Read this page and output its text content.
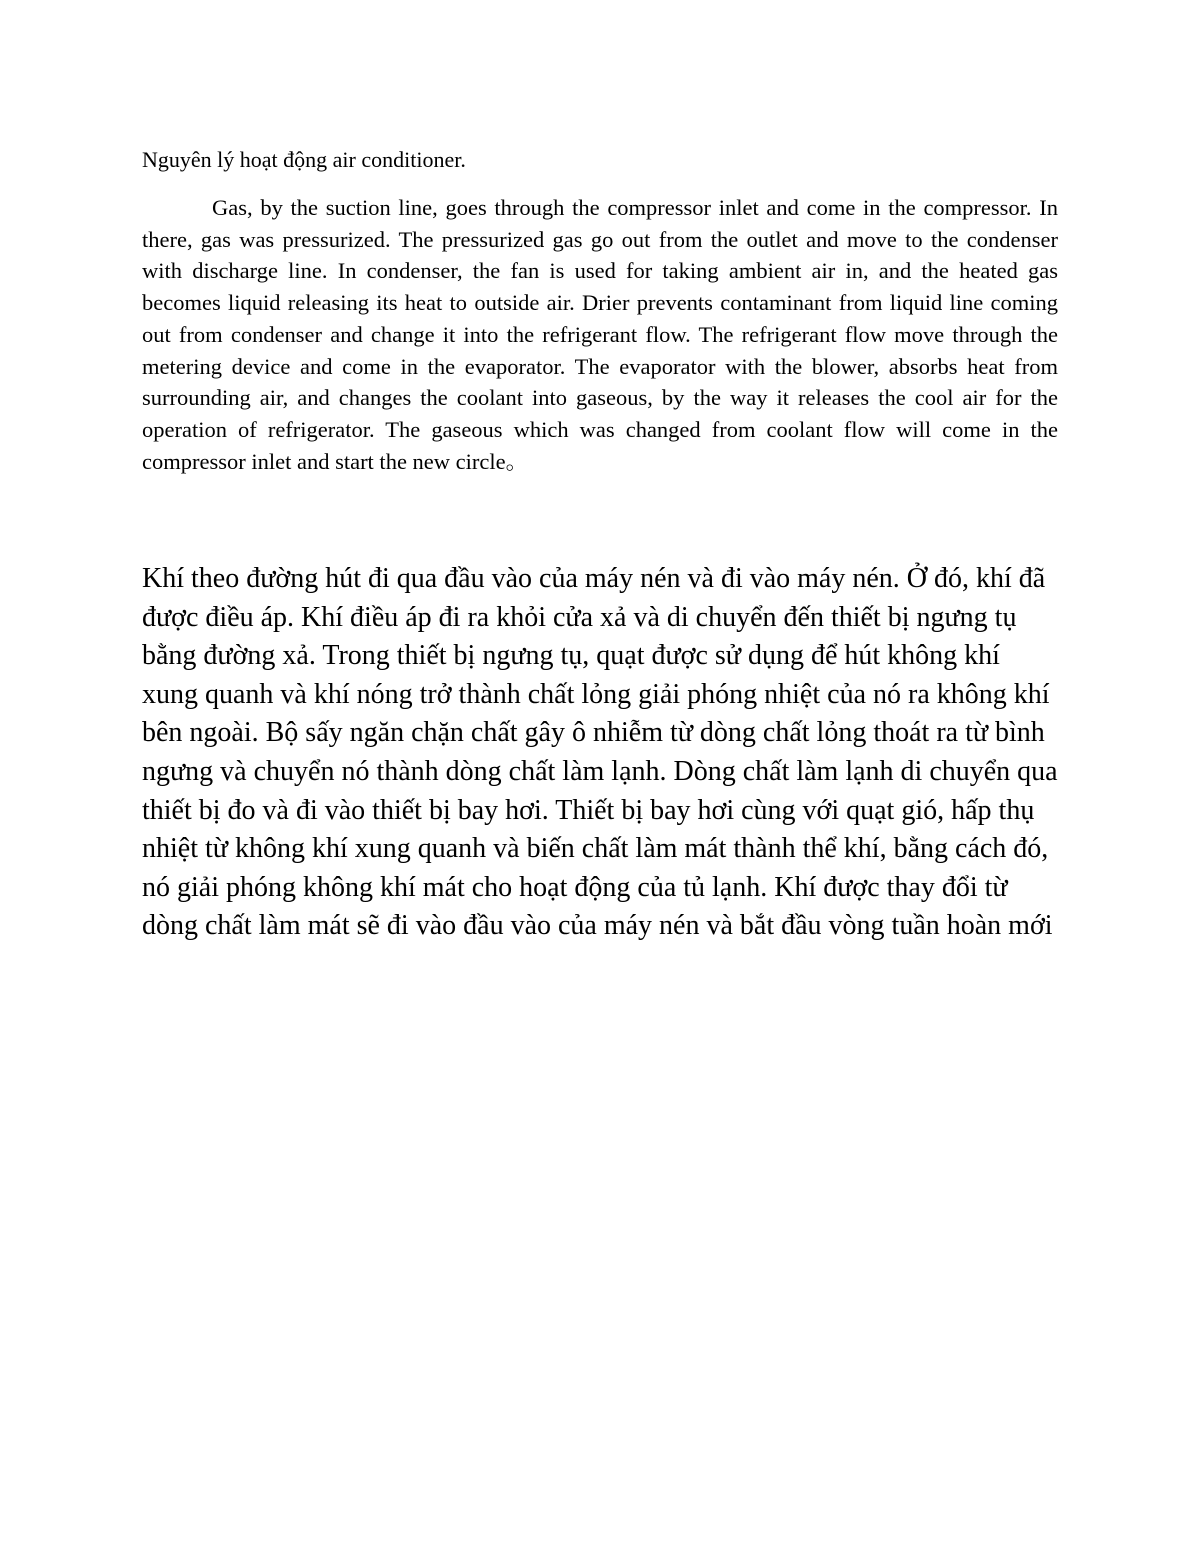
Nguyên lý hoạt động air conditioner.

Gas, by the suction line, goes through the compressor inlet and come in the compressor. In there, gas was pressurized. The pressurized gas go out from the outlet and move to the condenser with discharge line. In condenser, the fan is used for taking ambient air in, and the heated gas becomes liquid releasing its heat to outside air. Drier prevents contaminant from liquid line coming out from condenser and change it into the refrigerant flow. The refrigerant flow move through the metering device and come in the evaporator. The evaporator with the blower, absorbs heat from surrounding air, and changes the coolant into gaseous, by the way it releases the cool air for the operation of refrigerator. The gaseous which was changed from coolant flow will come in the compressor inlet and start the new circle。

Khí theo đường hút đi qua đầu vào của máy nén và đi vào máy nén. Ở đó, khí đã được điều áp. Khí điều áp đi ra khỏi cửa xả và di chuyển đến thiết bị ngưng tụ bằng đường xả. Trong thiết bị ngưng tụ, quạt được sử dụng để hút không khí xung quanh và khí nóng trở thành chất lỏng giải phóng nhiệt của nó ra không khí bên ngoài. Bộ sấy ngăn chặn chất gây ô nhiễm từ dòng chất lỏng thoát ra từ bình ngưng và chuyển nó thành dòng chất làm lạnh. Dòng chất làm lạnh di chuyển qua thiết bị đo và đi vào thiết bị bay hơi. Thiết bị bay hơi cùng với quạt gió, hấp thụ nhiệt từ không khí xung quanh và biến chất làm mát thành thể khí, bằng cách đó, nó giải phóng không khí mát cho hoạt động của tủ lạnh. Khí được thay đổi từ dòng chất làm mát sẽ đi vào đầu vào của máy nén và bắt đầu vòng tuần hoàn mới
